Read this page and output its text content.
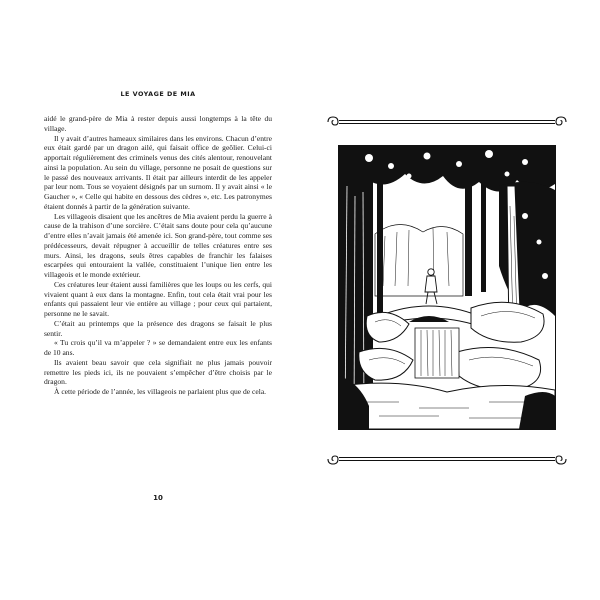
LE VOYAGE DE MIA

aidé le grand-père de Mia à rester depuis aussi longtemps à la tête du village.

Il y avait d’autres hameaux similaires dans les environs. Chacun d’entre eux était gardé par un dragon ailé, qui faisait office de geôlier. Celui-ci apportait régulièrement des criminels venus des cités alentour, renouvelant ainsi la population. Au sein du village, personne ne posait de questions sur le passé des nouveaux arrivants. Il était par ailleurs interdit de les appeler par leur nom. Tous se voyaient désignés par un surnom. Il y avait ainsi « le Gaucher », « Celle qui habite en dessous des cèdres », etc. Les patronymes étaient donnés à partir de la génération suivante.

Les villageois disaient que les ancêtres de Mia avaient perdu la guerre à cause de la trahison d’une sorcière. C’était sans doute pour cela qu’aucune d’entre elles n’avait jamais été amenée ici. Son grand-père, tout comme ses prédécesseurs, devait répugner à accueillir de telles créatures entre ses murs. Ainsi, les dragons, seuls êtres capables de franchir les falaises escarpées qui entouraient la vallée, constituaient l’unique lien entre les villageois et le monde extérieur.

Ces créatures leur étaient aussi familières que les loups ou les cerfs, qui vivaient quant à eux dans la montagne. Enfin, tout cela était vrai pour les enfants qui passaient leur vie entière au village ; pour ceux qui partaient, personne ne le savait.

C’était au printemps que la présence des dragons se faisait le plus sentir.

« Tu crois qu’il va m’appeler ? » se demandaient entre eux les enfants de 10 ans.

Ils avaient beau savoir que cela signifiait ne plus jamais pouvoir remettre les pieds ici, ils ne pouvaient s’empêcher d’être choisis par le dragon.

À cette période de l’année, les villageois ne parlaient plus que de cela.

10
